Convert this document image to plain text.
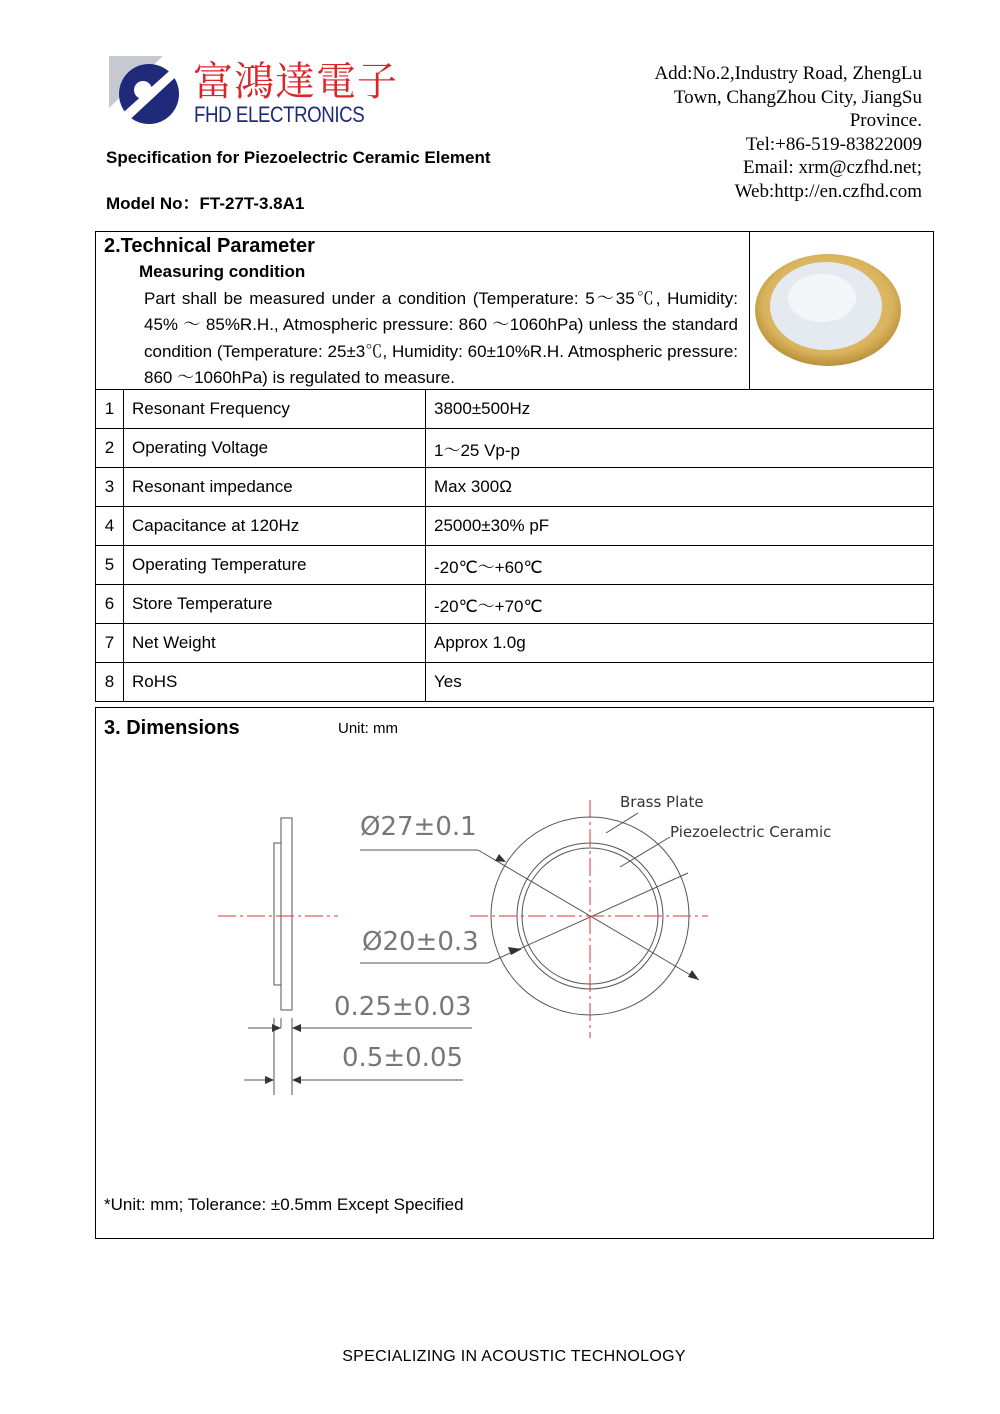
富鴻達電子
FHD ELECTRONICS
Add:No.2,Industry Road, ZhengLu
Town, ChangZhou City, JiangSu
Province.
Tel:+86-519-83822009
Email: xrm@czfhd.net;
Web:http://en.czfhd.com
Specification for Piezoelectric Ceramic Element
Model No：FT-27T-3.8A1
2.Technical Parameter
Measuring condition
Part shall be measured under a condition (Temperature: 5～35℃, Humidity: 45% ～ 85%R.H., Atmospheric pressure: 860 ～1060hPa) unless the standard condition (Temperature: 25±3℃, Humidity: 60±10%R.H. Atmospheric pressure: 860 ～1060hPa) is regulated to measure.
1	Resonant Frequency	3800±500Hz
2	Operating Voltage	1～25 Vp-p
3	Resonant impedance	Max 300Ω
4	Capacitance at 120Hz	25000±30% pF
5	Operating Temperature	-20℃～+60℃
6	Store Temperature	-20℃～+70℃
7	Net Weight	Approx 1.0g
8	RoHS	Yes
3. Dimensions	Unit: mm
Ø27±0.1
Ø20±0.3
0.25±0.03
0.5±0.05
Brass Plate
Piezoelectric Ceramic
*Unit: mm; Tolerance: ±0.5mm Except Specified
SPECIALIZING IN ACOUSTIC TECHNOLOGY
